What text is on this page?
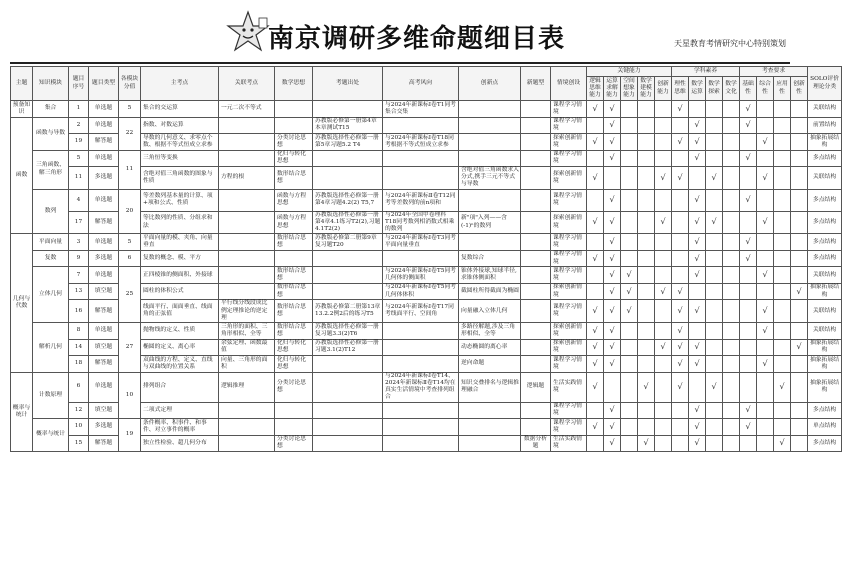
南京调研多维命题细目表	天星教育考情研究中心特别策划
主题	知识模块	题目序号	题目类型	各模块分值	主考点	关联考点	数学思想	考题出处	高考风向	创新点	新题型	情境创设	关键能力					学科素养				考查要求				SOLO评价理论分类
													逻辑思维能力	运算求解能力	空间想象能力	数学建模能力	创新能力	理性思维	数学运算	数学探索	数学文化	基础性	综合性	应用性	创新性	
预备知识	集合	1	单选题	5	集合的交运算	一元二次不等式			与2024年新课标Ⅰ卷T1同考集合交集			课程学习情境	√	√				√				√				关联结构
函数	函数与导数	2	单选题	22	指数、对数运算			苏教版必修第一册第4章本章测试T15				课程学习情境		√					√			√				前置结构
		19	解答题		导数的几何意义、求零点个数、根据不等式恒成立求参		分类讨论思想	苏教版选择性必修第一册第5章习题5.2 T4	与2024年新课标Ⅰ卷T18同考根据不等式恒成立求参			探索创新情境	√	√				√	√				√			抽象拓展结构
	三角函数、解三角形	5	单选题	11	三角恒等变换		化归与转化思想					课程学习情境		√					√			√				多点结构
		11	多选题		含绝对值三角函数的图象与性质	方程的根	数形结合思想			含绝对值三角函数求入分式,携手三元不等式与导数		探索创新情境	√				√	√		√			√			关联结构
	数列	4	单选题	20	等差数列基本量的计算、项+项和公式、性质		函数与方程思想	苏教版选择性必修第一册第4章习题4.2(2) T5,7	与2024年新课标Ⅱ卷T12同考等差数列的前n项和			课程学习情境		√					√			√				多点结构
		17	解答题		等比数列的性质、分组求和法		函数与方程思想	苏教版选择性必修第一册第4章4.1练习T2(2),习题4.1T2(2)	与2024年全国甲卷理科T18同考数列相消数式相乘的数列	新"项"入列——含(-1)ⁿ的数列		探索创新情境	√	√			√		√	√			√			多点结构
几何与代数	平面向量	3	单选题	5	平面向量的模、夹角、向量垂直		数形结合思想	苏教版必修第二册第9章复习题T20	与2024年新课标Ⅰ卷T3同考平面向量垂直			课程学习情境		√					√			√				多点结构
	复数	9	多选题	6	复数的概念、模、平方					复数综合		课程学习情境	√	√					√			√				多点结构
	立体几何	7	单选题	25	正四棱锥的侧面积、外接球		数形结合思想		与2024年新课标Ⅰ卷T5同考几何体的侧面积	锥体外接球,知球半径,求锥体侧面积		课程学习情境		√	√				√				√			关联结构
		13	填空题		圆柱的体积公式		数形结合思想		与2024年新课标Ⅰ卷T5同考几何体体积	截圆柱所得截面为椭圆		探索创新情境		√	√		√	√							√	抽象拓展结构
		16	解答题		线面平行、面面垂直、线面角的正弦值	平行线分线段成比例定理推论的逆定理	数形结合思想	苏教版必修第二册第13章13.2.2例2后的练习T5	与2024年新课标Ⅰ卷T17同考线面平行、空间角	向量融入立体几何		课程学习情境	√	√	√			√	√				√			关联结构
	解析几何	8	单选题	27	抛物线的定义、性质	三角形的面积、三角形相似、全等	数形结合思想	苏教版选择性必修第一册复习题3.3(2)T6		多路径解题,涉及三角形相似、全等		探索创新情境	√	√				√					√			关联结构
		14	填空题		椭圆的定义、离心率	余弦定理、函数最值	化归与转化思想	苏教版选择性必修第一册习题3.1(2)T12		动态椭圆的离心率		探索创新情境	√	√			√	√	√						√	抽象拓展结构
		18	解答题		双曲线的方程、定义、直线与双曲线的位置关系	向量、三角形的面积	化归与转化思想			逆向命题		课程学习情境	√	√				√	√				√			抽象拓展结构
概率与统计	计数原理	6	单选题	10	排列组合	逻辑推理	分类讨论思想		与2024年新课标Ⅰ卷T14、2024年新课标Ⅱ卷T14均在真实生活情境中考查排列组合	知识交叠排名与逻辑推理融合	逻辑题	生活实践情境	√			√		√		√				√		抽象拓展结构
		12	填空题		二项式定理							课程学习情境		√					√			√				多点结构
	概率与统计	10	多选题	19	条件概率、积事件、和事件、对立事件的概率							课程学习情境	√	√					√			√				单点结构
		15	解答题		独立性检验、超几何分布		分类讨论思想				数据分析题	生活实践情境		√		√			√					√		多点结构
